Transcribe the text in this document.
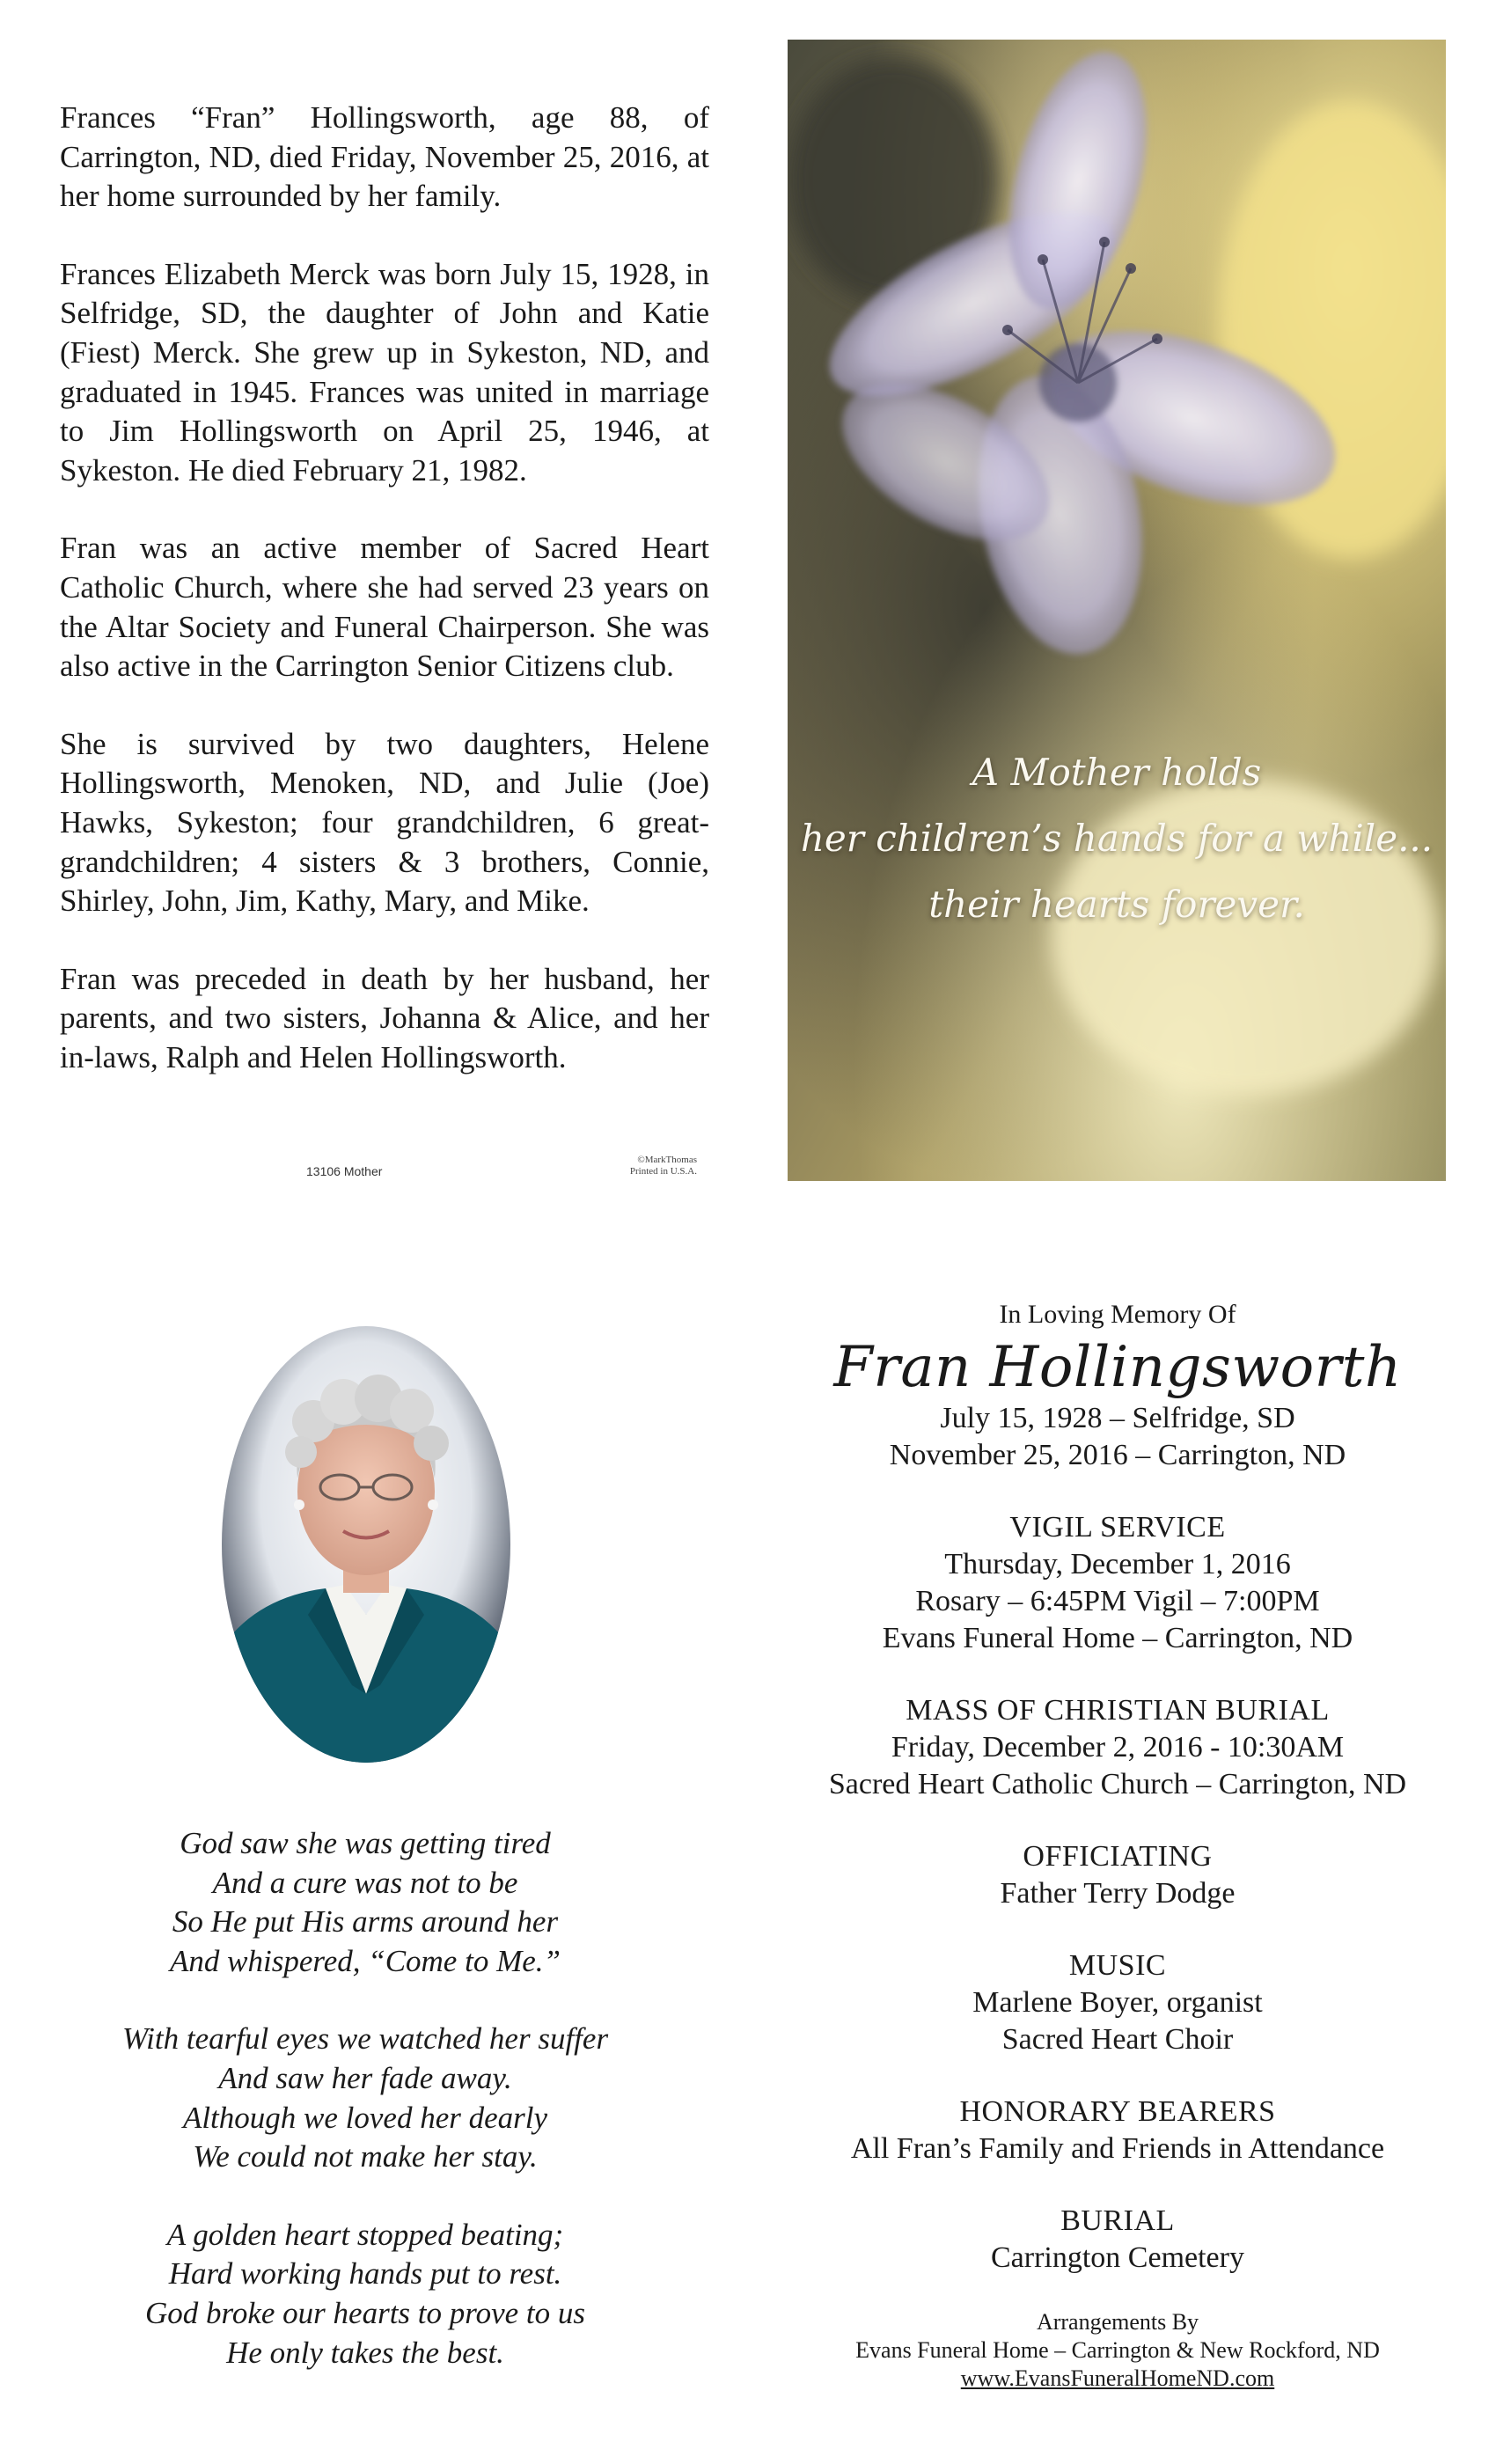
Frances “Fran” Hollingsworth, age 88, of Carrington, ND, died Friday, November 25, 2016, at her home surrounded by her family.

Frances Elizabeth Merck was born July 15, 1928, in Selfridge, SD, the daughter of John and Katie (Fiest) Merck. She grew up in Sykeston, ND, and graduated in 1945. Frances was united in marriage to Jim Hollingsworth on April 25, 1946, at Sykeston. He died February 21, 1982.

Fran was an active member of Sacred Heart Catholic Church, where she had served 23 years on the Altar Society and Funeral Chairperson. She was also active in the Carrington Senior Citizens club.

She is survived by two daughters, Helene Hollingsworth, Menoken, ND, and Julie (Joe) Hawks, Sykeston; four grandchildren, 6 great-grandchildren; 4 sisters & 3 brothers, Connie, Shirley, John, Jim, Kathy, Mary, and Mike.

Fran was preceded in death by her husband, her parents, and two sisters, Johanna & Alice, and her in-laws, Ralph and Helen Hollingsworth.

13106 Mother
©MarkThomas
Printed in U.S.A.
A Mother holds
her children’s hands for a while...
their hearts forever.
God saw she was getting tired
And a cure was not to be
So He put His arms around her
And whispered, “Come to Me.”
With tearful eyes we watched her suffer
And saw her fade away.
Although we loved her dearly
We could not make her stay.
A golden heart stopped beating;
Hard working hands put to rest.
God broke our hearts to prove to us
He only takes the best.
In Loving Memory Of
Fran Hollingsworth
July 15, 1928 – Selfridge, SD
November 25, 2016 – Carrington, ND
VIGIL SERVICE
Thursday, December 1, 2016
Rosary – 6:45PM Vigil – 7:00PM
Evans Funeral Home – Carrington, ND
MASS OF CHRISTIAN BURIAL
Friday, December 2, 2016 - 10:30AM
Sacred Heart Catholic Church – Carrington, ND
OFFICIATING
Father Terry Dodge
MUSIC
Marlene Boyer, organist
Sacred Heart Choir
HONORARY BEARERS
All Fran’s Family and Friends in Attendance
BURIAL
Carrington Cemetery
Arrangements By
Evans Funeral Home – Carrington & New Rockford, ND
www.EvansFuneralHomeND.com
